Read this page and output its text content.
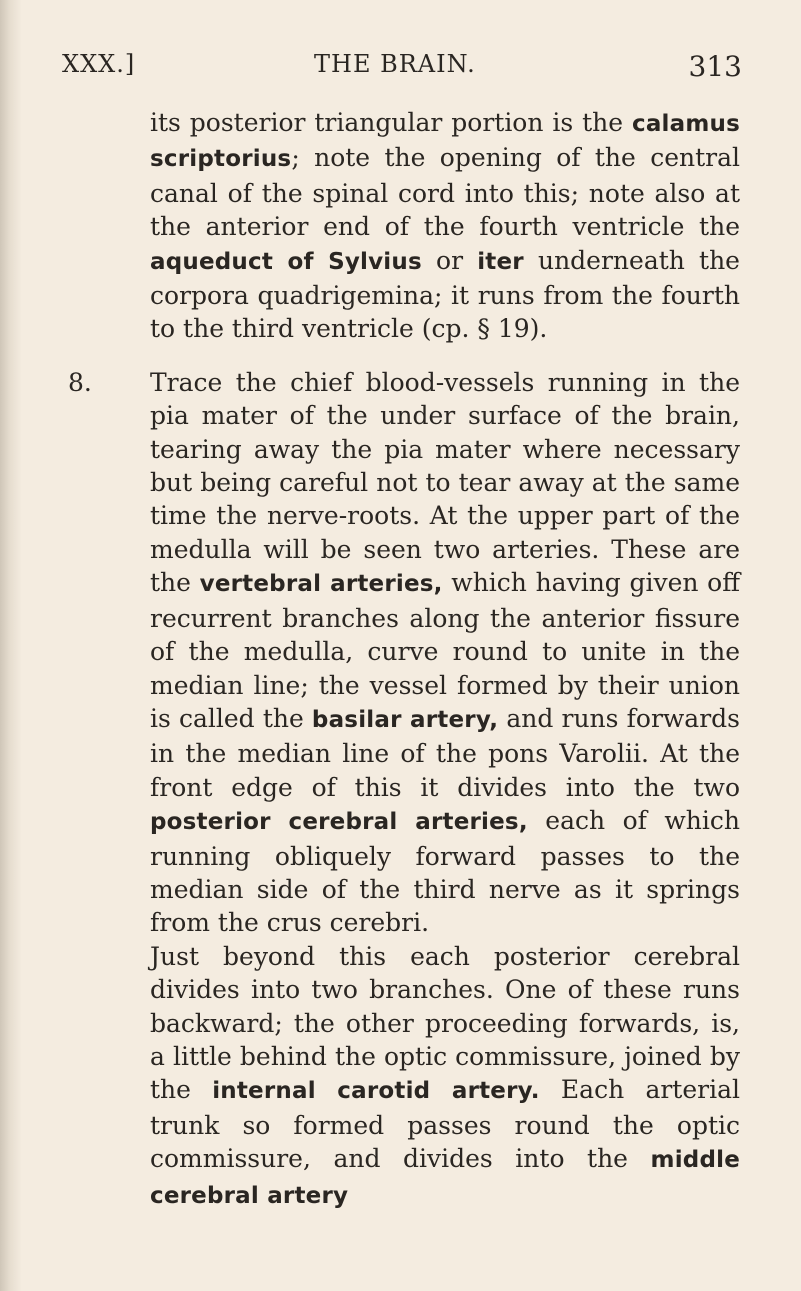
XXX.]	THE BRAIN.	313

its posterior triangular portion is the calamus scriptorius; note the opening of the central canal of the spinal cord into this; note also at the anterior end of the fourth ventricle the aqueduct of Sylvius or iter underneath the corpora quadrigemina; it runs from the fourth to the third ventricle (cp. § 19).

8. Trace the chief blood-vessels running in the pia mater of the under surface of the brain, tearing away the pia mater where necessary but being careful not to tear away at the same time the nerve-roots. At the upper part of the medulla will be seen two arteries. These are the vertebral arteries, which having given off recurrent branches along the anterior fissure of the medulla, curve round to unite in the median line; the vessel formed by their union is called the basilar artery, and runs forwards in the median line of the pons Varolii. At the front edge of this it divides into the two posterior cerebral arteries, each of which running obliquely forward passes to the median side of the third nerve as it springs from the crus cerebri.

Just beyond this each posterior cerebral divides into two branches. One of these runs backward; the other proceeding forwards, is, a little behind the optic commissure, joined by the internal carotid artery. Each arterial trunk so formed passes round the optic commissure, and divides into the middle cerebral artery
